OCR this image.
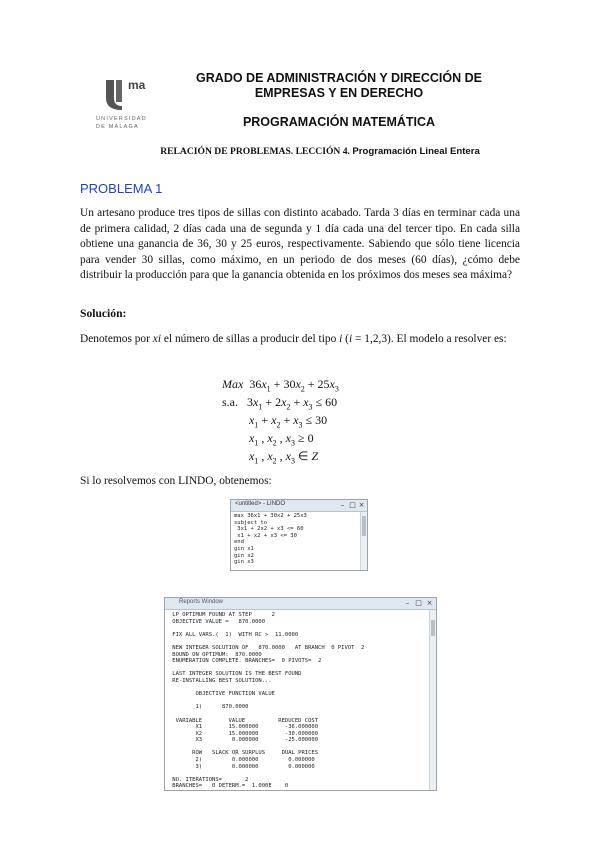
ma
UNIVERSIDAD
DE MÁLAGA
GRADO DE ADMINISTRACIÓN Y DIRECCIÓN DE
EMPRESAS Y EN DERECHO
PROGRAMACIÓN MATEMÁTICA
RELACIÓN DE PROBLEMAS. LECCIÓN 4. Programación Lineal Entera
PROBLEMA 1
Un artesano produce tres tipos de sillas con distinto acabado. Tarda 3 días en terminar cada una de primera calidad, 2 días cada una de segunda y 1 día cada una del tercer tipo. En cada silla obtiene una ganancia de 36, 30 y 25 euros, respectivamente. Sabiendo que sólo tiene licencia para vender 30 sillas, como máximo, en un periodo de dos meses (60 días), ¿cómo debe distribuir la producción para que la ganancia obtenida en los próximos dos meses sea máxima?
Solución:
Denotemos por xi el número de sillas a producir del tipo i (i = 1,2,3). El modelo a resolver es:
Max $36x_1 + 30x_2 + 25x_3$
s.a. $3x_1 + 2x_2 + x_3 \le 60$
$x_1 + x_2 + x_3 \le 30$
$x_1$ , $x_2$ , $x_3 \ge 0$
$x_1$ , $x_2$ , $x_3$ ∈ Z
Si lo resolvemos con LINDO, obtenemos:
<untitled> - LINDO	– □ ×
max 36x1 + 30x2 + 25x3
subject to
3x1 + 2x2 + x3 <= 60
x1 + x2 + x3 <= 30
end
gin x1
gin x2
gin x3
Reports Window	– □ ×
LP OPTIMUM FOUND AT STEP      2
OBJECTIVE VALUE =   870.0000
FIX ALL VARS.(  1)  WITH RC >  11.0000
NEW INTEGER SOLUTION OF   870.0000   AT BRANCH  0 PIVOT  2
BOUND ON OPTIMUM:  870.0000
ENUMERATION COMPLETE. BRANCHES=  0 PIVOTS=  2
LAST INTEGER SOLUTION IS THE BEST FOUND
RE-INSTALLING BEST SOLUTION...
OBJECTIVE FUNCTION VALUE
1)      870.0000
VARIABLE        VALUE          REDUCED COST
X1        15.000000        -36.000000
X2        15.000000        -30.000000
X3         0.000000        -25.000000
ROW   SLACK OR SURPLUS     DUAL PRICES
2)         0.000000         0.000000
3)         0.000000         0.000000
NO. ITERATIONS=       2
BRANCHES=   0 DETERM.=  1.000E    0
